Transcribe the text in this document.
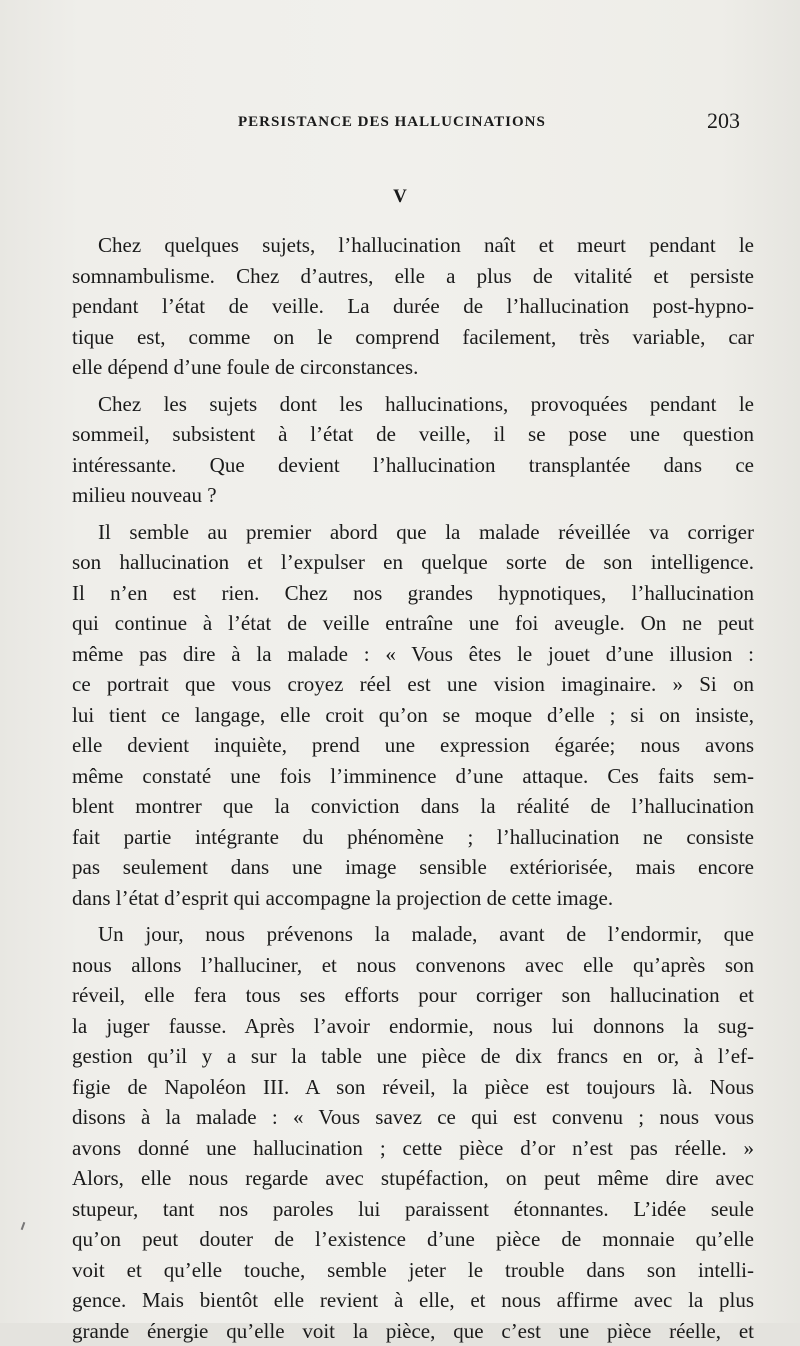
PERSISTANCE DES HALLUCINATIONS	203
V
Chez quelques sujets, l’hallucination naît et meurt pendant le
somnambulisme. Chez d’autres, elle a plus de vitalité et persiste
pendant l’état de veille. La durée de l’hallucination post-hypno-
tique est, comme on le comprend facilement, très variable, car
elle dépend d’une foule de circonstances.
Chez les sujets dont les hallucinations, provoquées pendant le
sommeil, subsistent à l’état de veille, il se pose une question
intéressante. Que devient l’hallucination transplantée dans ce
milieu nouveau ?
Il semble au premier abord que la malade réveillée va corriger
son hallucination et l’expulser en quelque sorte de son intelligence.
Il n’en est rien. Chez nos grandes hypnotiques, l’hallucination
qui continue à l’état de veille entraîne une foi aveugle. On ne peut
même pas dire à la malade : « Vous êtes le jouet d’une illusion :
ce portrait que vous croyez réel est une vision imaginaire. » Si on
lui tient ce langage, elle croit qu’on se moque d’elle ; si on insiste,
elle devient inquiète, prend une expression égarée; nous avons
même constaté une fois l’imminence d’une attaque. Ces faits sem-
blent montrer que la conviction dans la réalité de l’hallucination
fait partie intégrante du phénomène ; l’hallucination ne consiste
pas seulement dans une image sensible extériorisée, mais encore
dans l’état d’esprit qui accompagne la projection de cette image.
Un jour, nous prévenons la malade, avant de l’endormir, que
nous allons l’halluciner, et nous convenons avec elle qu’après son
réveil, elle fera tous ses efforts pour corriger son hallucination et
la juger fausse. Après l’avoir endormie, nous lui donnons la sug-
gestion qu’il y a sur la table une pièce de dix francs en or, à l’ef-
figie de Napoléon III. A son réveil, la pièce est toujours là. Nous
disons à la malade : « Vous savez ce qui est convenu ; nous vous
avons donné une hallucination ; cette pièce d’or n’est pas réelle. »
Alors, elle nous regarde avec stupéfaction, on peut même dire avec
stupeur, tant nos paroles lui paraissent étonnantes. L’idée seule
qu’on peut douter de l’existence d’une pièce de monnaie qu’elle
voit et qu’elle touche, semble jeter le trouble dans son intelli-
gence. Mais bientôt elle revient à elle, et nous affirme avec la plus
grande énergie qu’elle voit la pièce, que c’est une pièce réelle, et
